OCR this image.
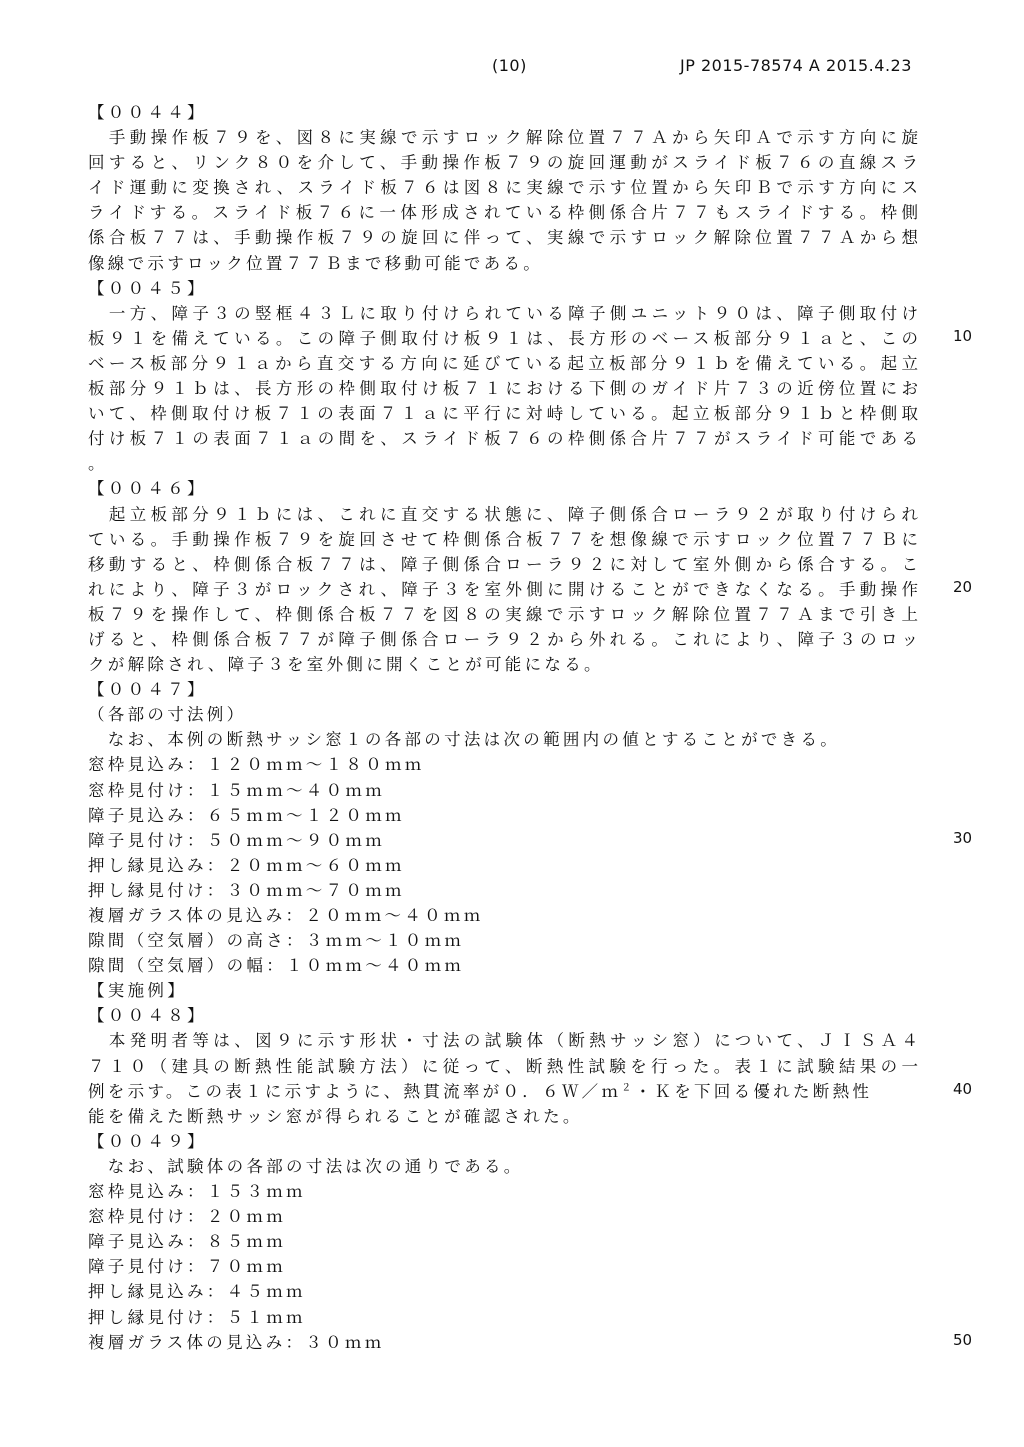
(10)	JP 2015-78574 A 2015.4.23
10
20
30
40
50
【００４４】
　手動操作板７９を、図８に実線で示すロック解除位置７７Ａから矢印Ａで示す方向に旋
回すると、リンク８０を介して、手動操作板７９の旋回運動がスライド板７６の直線スラ
イド運動に変換され、スライド板７６は図８に実線で示す位置から矢印Ｂで示す方向にス
ライドする。スライド板７６に一体形成されている枠側係合片７７もスライドする。枠側
係合板７７は、手動操作板７９の旋回に伴って、実線で示すロック解除位置７７Ａから想
像線で示すロック位置７７Ｂまで移動可能である。
【００４５】
　一方、障子３の竪框４３Ｌに取り付けられている障子側ユニット９０は、障子側取付け
板９１を備えている。この障子側取付け板９１は、長方形のベース板部分９１ａと、この
ベース板部分９１ａから直交する方向に延びている起立板部分９１ｂを備えている。起立
板部分９１ｂは、長方形の枠側取付け板７１における下側のガイド片７３の近傍位置にお
いて、枠側取付け板７１の表面７１ａに平行に対峙している。起立板部分９１ｂと枠側取
付け板７１の表面７１ａの間を、スライド板７６の枠側係合片７７がスライド可能である
。
【００４６】
　起立板部分９１ｂには、これに直交する状態に、障子側係合ローラ９２が取り付けられ
ている。手動操作板７９を旋回させて枠側係合板７７を想像線で示すロック位置７７Ｂに
移動すると、枠側係合板７７は、障子側係合ローラ９２に対して室外側から係合する。こ
れにより、障子３がロックされ、障子３を室外側に開けることができなくなる。手動操作
板７９を操作して、枠側係合板７７を図８の実線で示すロック解除位置７７Ａまで引き上
げると、枠側係合板７７が障子側係合ローラ９２から外れる。これにより、障子３のロッ
クが解除され、障子３を室外側に開くことが可能になる。
【００４７】
（各部の寸法例）
　なお、本例の断熱サッシ窓１の各部の寸法は次の範囲内の値とすることができる。
窓枠見込み：１２０ｍｍ～１８０ｍｍ
窓枠見付け：１５ｍｍ～４０ｍｍ
障子見込み：６５ｍｍ～１２０ｍｍ
障子見付け：５０ｍｍ～９０ｍｍ
押し縁見込み：２０ｍｍ～６０ｍｍ
押し縁見付け：３０ｍｍ～７０ｍｍ
複層ガラス体の見込み：２０ｍｍ～４０ｍｍ
隙間（空気層）の高さ：３ｍｍ～１０ｍｍ
隙間（空気層）の幅：１０ｍｍ～４０ｍｍ
【実施例】
【００４８】
　本発明者等は、図９に示す形状・寸法の試験体（断熱サッシ窓）について、ＪＩＳＡ４
７１０（建具の断熱性能試験方法）に従って、断熱性試験を行った。表１に試験結果の一
例を示す。この表１に示すように、熱貫流率が０．６Ｗ／ｍ$^2$・Ｋを下回る優れた断熱性
能を備えた断熱サッシ窓が得られることが確認された。
【００４９】
　なお、試験体の各部の寸法は次の通りである。
窓枠見込み：１５３ｍｍ
窓枠見付け：２０ｍｍ
障子見込み：８５ｍｍ
障子見付け：７０ｍｍ
押し縁見込み：４５ｍｍ
押し縁見付け：５１ｍｍ
複層ガラス体の見込み：３０ｍｍ
